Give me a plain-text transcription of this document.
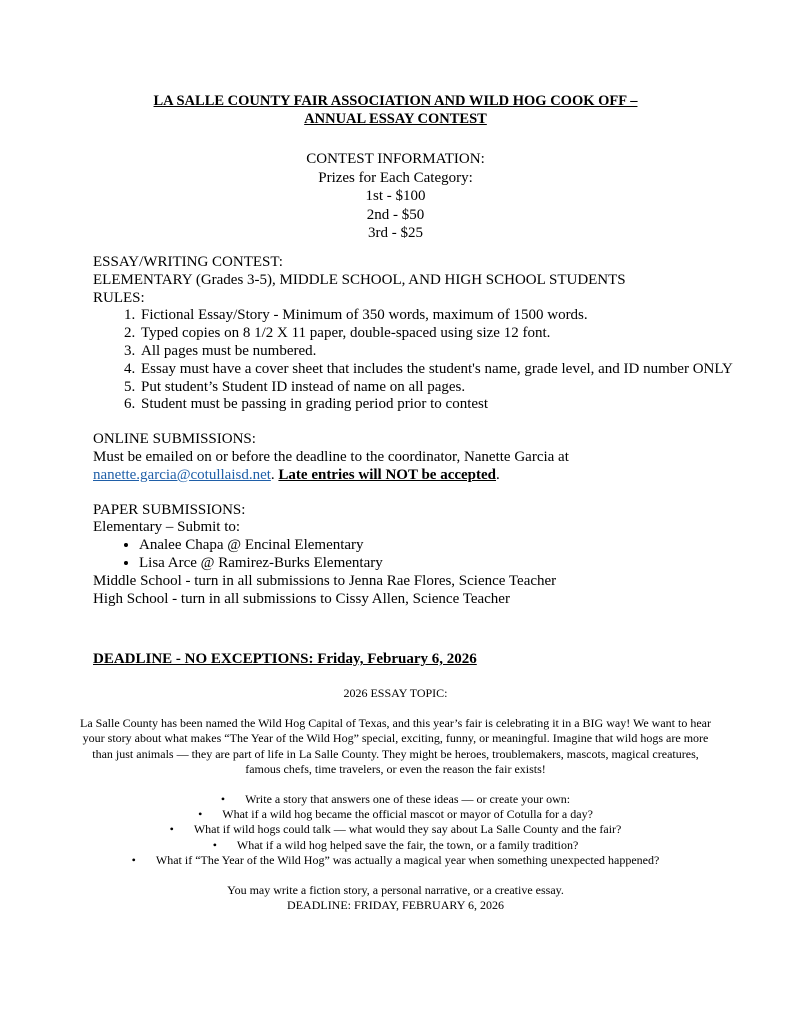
LA SALLE COUNTY FAIR ASSOCIATION AND WILD HOG COOK OFF –
ANNUAL ESSAY CONTEST
CONTEST INFORMATION:
Prizes for Each Category:
1st - $100
2nd - $50
3rd - $25

ESSAY/WRITING CONTEST:

ELEMENTARY (Grades 3-5), MIDDLE SCHOOL, AND HIGH SCHOOL STUDENTS

RULES:

1. Fictional Essay/Story - Minimum of 350 words, maximum of 1500 words.
2. Typed copies on 8 1/2 X 11 paper, double-spaced using size 12 font.
3. All pages must be numbered.
4. Essay must have a cover sheet that includes the student's name, grade level, and ID number ONLY
5. Put student’s Student ID instead of name on all pages.
6. Student must be passing in grading period prior to contest

ONLINE SUBMISSIONS:

Must be emailed on or before the deadline to the coordinator, Nanette Garcia at

nanette.garcia@cotullaisd.net. Late entries will NOT be accepted.

PAPER SUBMISSIONS:

Elementary – Submit to:

• Analee Chapa @ Encinal Elementary
• Lisa Arce @ Ramirez-Burks Elementary

Middle School - turn in all submissions to Jenna Rae Flores, Science Teacher

High School - turn in all submissions to Cissy Allen, Science Teacher

DEADLINE - NO EXCEPTIONS: Friday, February 6, 2026
2026 ESSAY TOPIC:
La Salle County has been named the Wild Hog Capital of Texas, and this year’s fair is celebrating it in a BIG way! We want to hear your story about what makes “The Year of the Wild Hog” special, exciting, funny, or meaningful. Imagine that wild hogs are more than just animals — they are part of life in La Salle County. They might be heroes, troublemakers, mascots, magical creatures, famous chefs, time travelers, or even the reason the fair exists!
• Write a story that answers one of these ideas — or create your own:
• What if a wild hog became the official mascot or mayor of Cotulla for a day?
• What if wild hogs could talk — what would they say about La Salle County and the fair?
• What if a wild hog helped save the fair, the town, or a family tradition?
• What if “The Year of the Wild Hog” was actually a magical year when something unexpected happened?
You may write a fiction story, a personal narrative, or a creative essay.
DEADLINE: FRIDAY, FEBRUARY 6, 2026
